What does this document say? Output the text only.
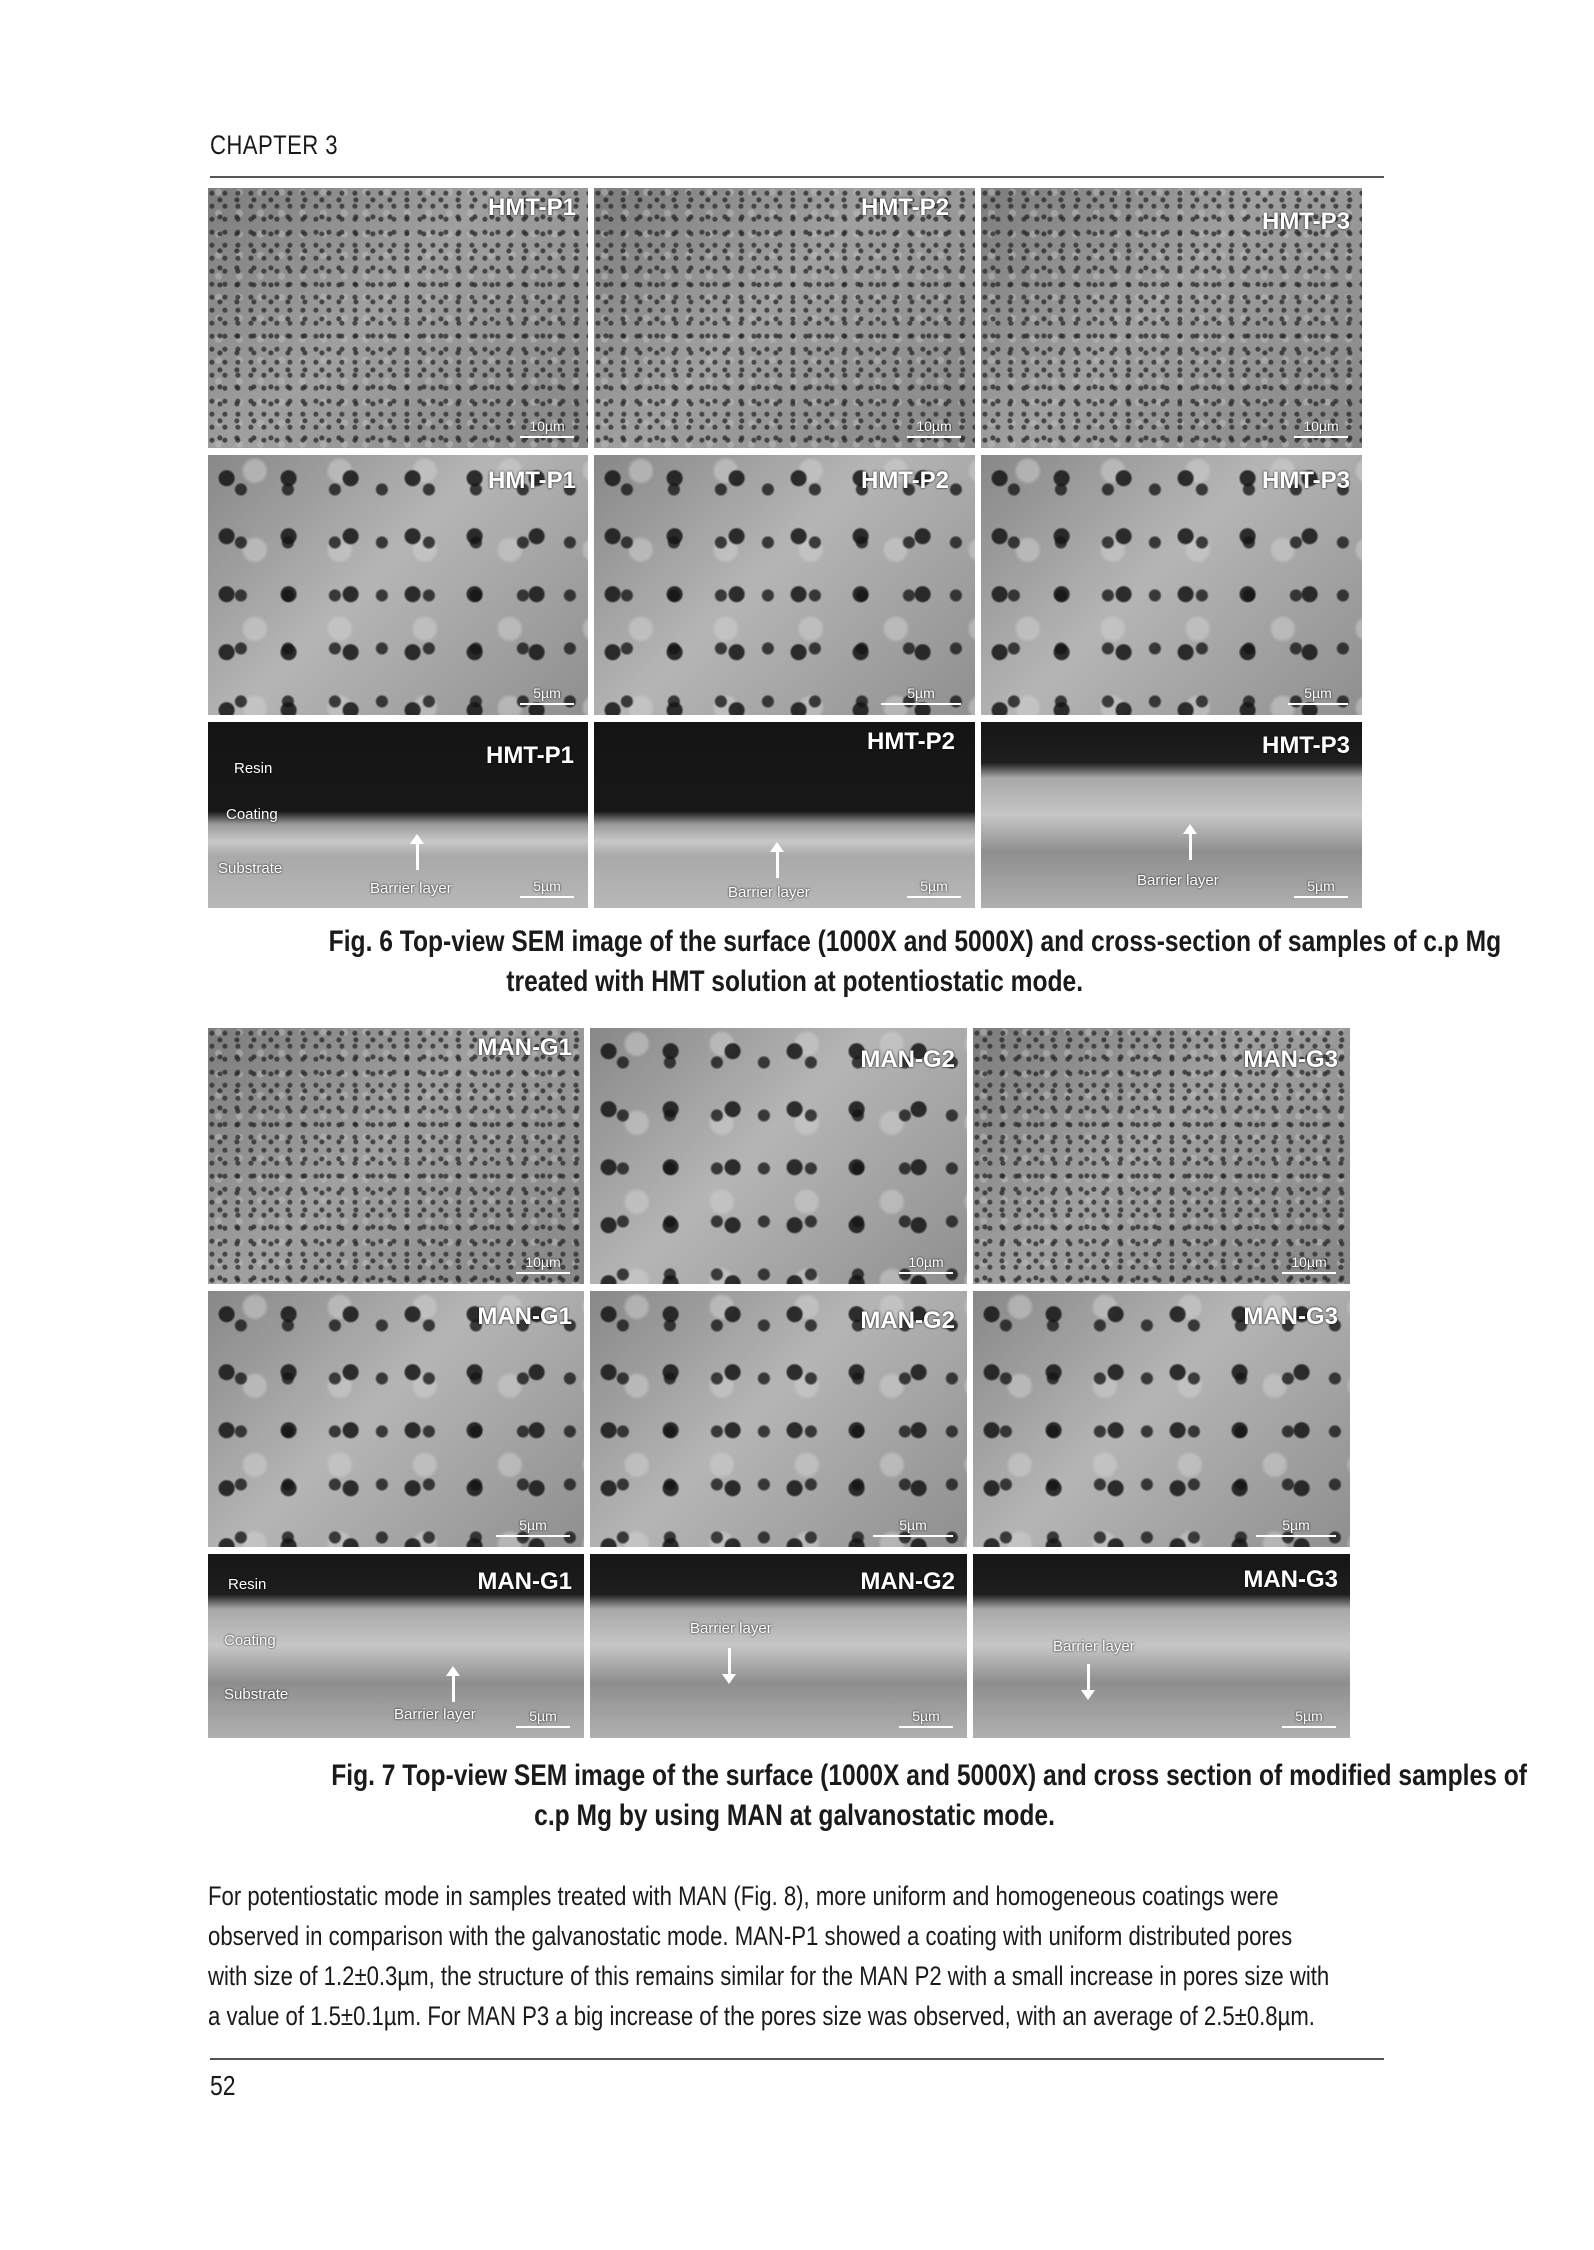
CHAPTER 3
HMT-P1
10µm
HMT-P2
10µm
HMT-P3
10µm
HMT-P1
5µm
HMT-P2
5µm
HMT-P3
5µm
HMT-P1
Resin
Coating
Substrate
Barrier layer	5µm
HMT-P2
Barrier layer	5µm
HMT-P3
Barrier layer	5µm
Fig. 6 Top-view SEM image of the surface (1000X and 5000X) and cross-section of samples of c.p Mg
treated with HMT solution at potentiostatic mode.
MAN-G1
10µm
MAN-G2
10µm
MAN-G3
10µm
MAN-G1
5µm
MAN-G2
5µm
MAN-G3
5µm
MAN-G1
Resin
Coating
Substrate
Barrier layer	5µm
MAN-G2
Barrier layer
5µm
MAN-G3
Barrier layer
5µm
Fig. 7 Top-view SEM image of the surface (1000X and 5000X) and cross section of modified samples of
c.p Mg by using MAN at galvanostatic mode.
For potentiostatic mode in samples treated with MAN (Fig. 8), more uniform and homogeneous coatings were
observed in comparison with the galvanostatic mode. MAN-P1 showed a coating with uniform distributed pores
with size of 1.2±0.3µm, the structure of this remains similar for the MAN P2 with a small increase in pores size with
a value of 1.5±0.1µm. For MAN P3 a big increase of the pores size was observed, with an average of 2.5±0.8µm.
52
